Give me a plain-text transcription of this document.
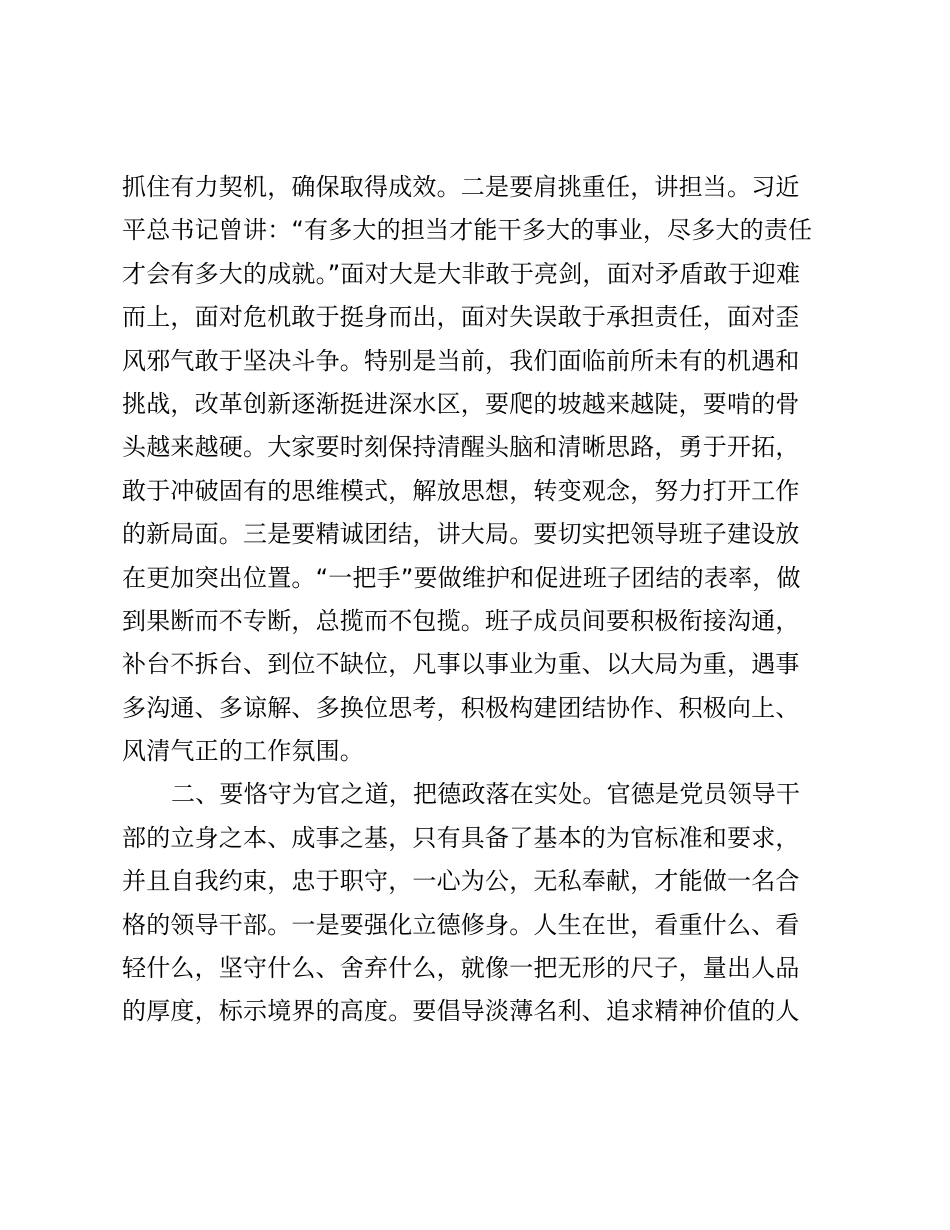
抓住有力契机，确保取得成效。二是要肩挑重任，讲担当。习近
平总书记曾讲：“有多大的担当才能干多大的事业，尽多大的责任
才会有多大的成就。”面对大是大非敢于亮剑，面对矛盾敢于迎难
而上，面对危机敢于挺身而出，面对失误敢于承担责任，面对歪
风邪气敢于坚决斗争。特别是当前，我们面临前所未有的机遇和
挑战，改革创新逐渐挺进深水区，要爬的坡越来越陡，要啃的骨
头越来越硬。大家要时刻保持清醒头脑和清晰思路，勇于开拓，
敢于冲破固有的思维模式，解放思想，转变观念，努力打开工作
的新局面。三是要精诚团结，讲大局。要切实把领导班子建设放
在更加突出位置。“一把手”要做维护和促进班子团结的表率，做
到果断而不专断，总揽而不包揽。班子成员间要积极衔接沟通，
补台不拆台、到位不缺位，凡事以事业为重、以大局为重，遇事
多沟通、多谅解、多换位思考，积极构建团结协作、积极向上、
风清气正的工作氛围。
二、要恪守为官之道，把德政落在实处。官德是党员领导干
部的立身之本、成事之基，只有具备了基本的为官标准和要求，
并且自我约束，忠于职守，一心为公，无私奉献，才能做一名合
格的领导干部。一是要强化立德修身。人生在世，看重什么、看
轻什么，坚守什么、舍弃什么，就像一把无形的尺子，量出人品
的厚度，标示境界的高度。要倡导淡薄名利、追求精神价值的人
